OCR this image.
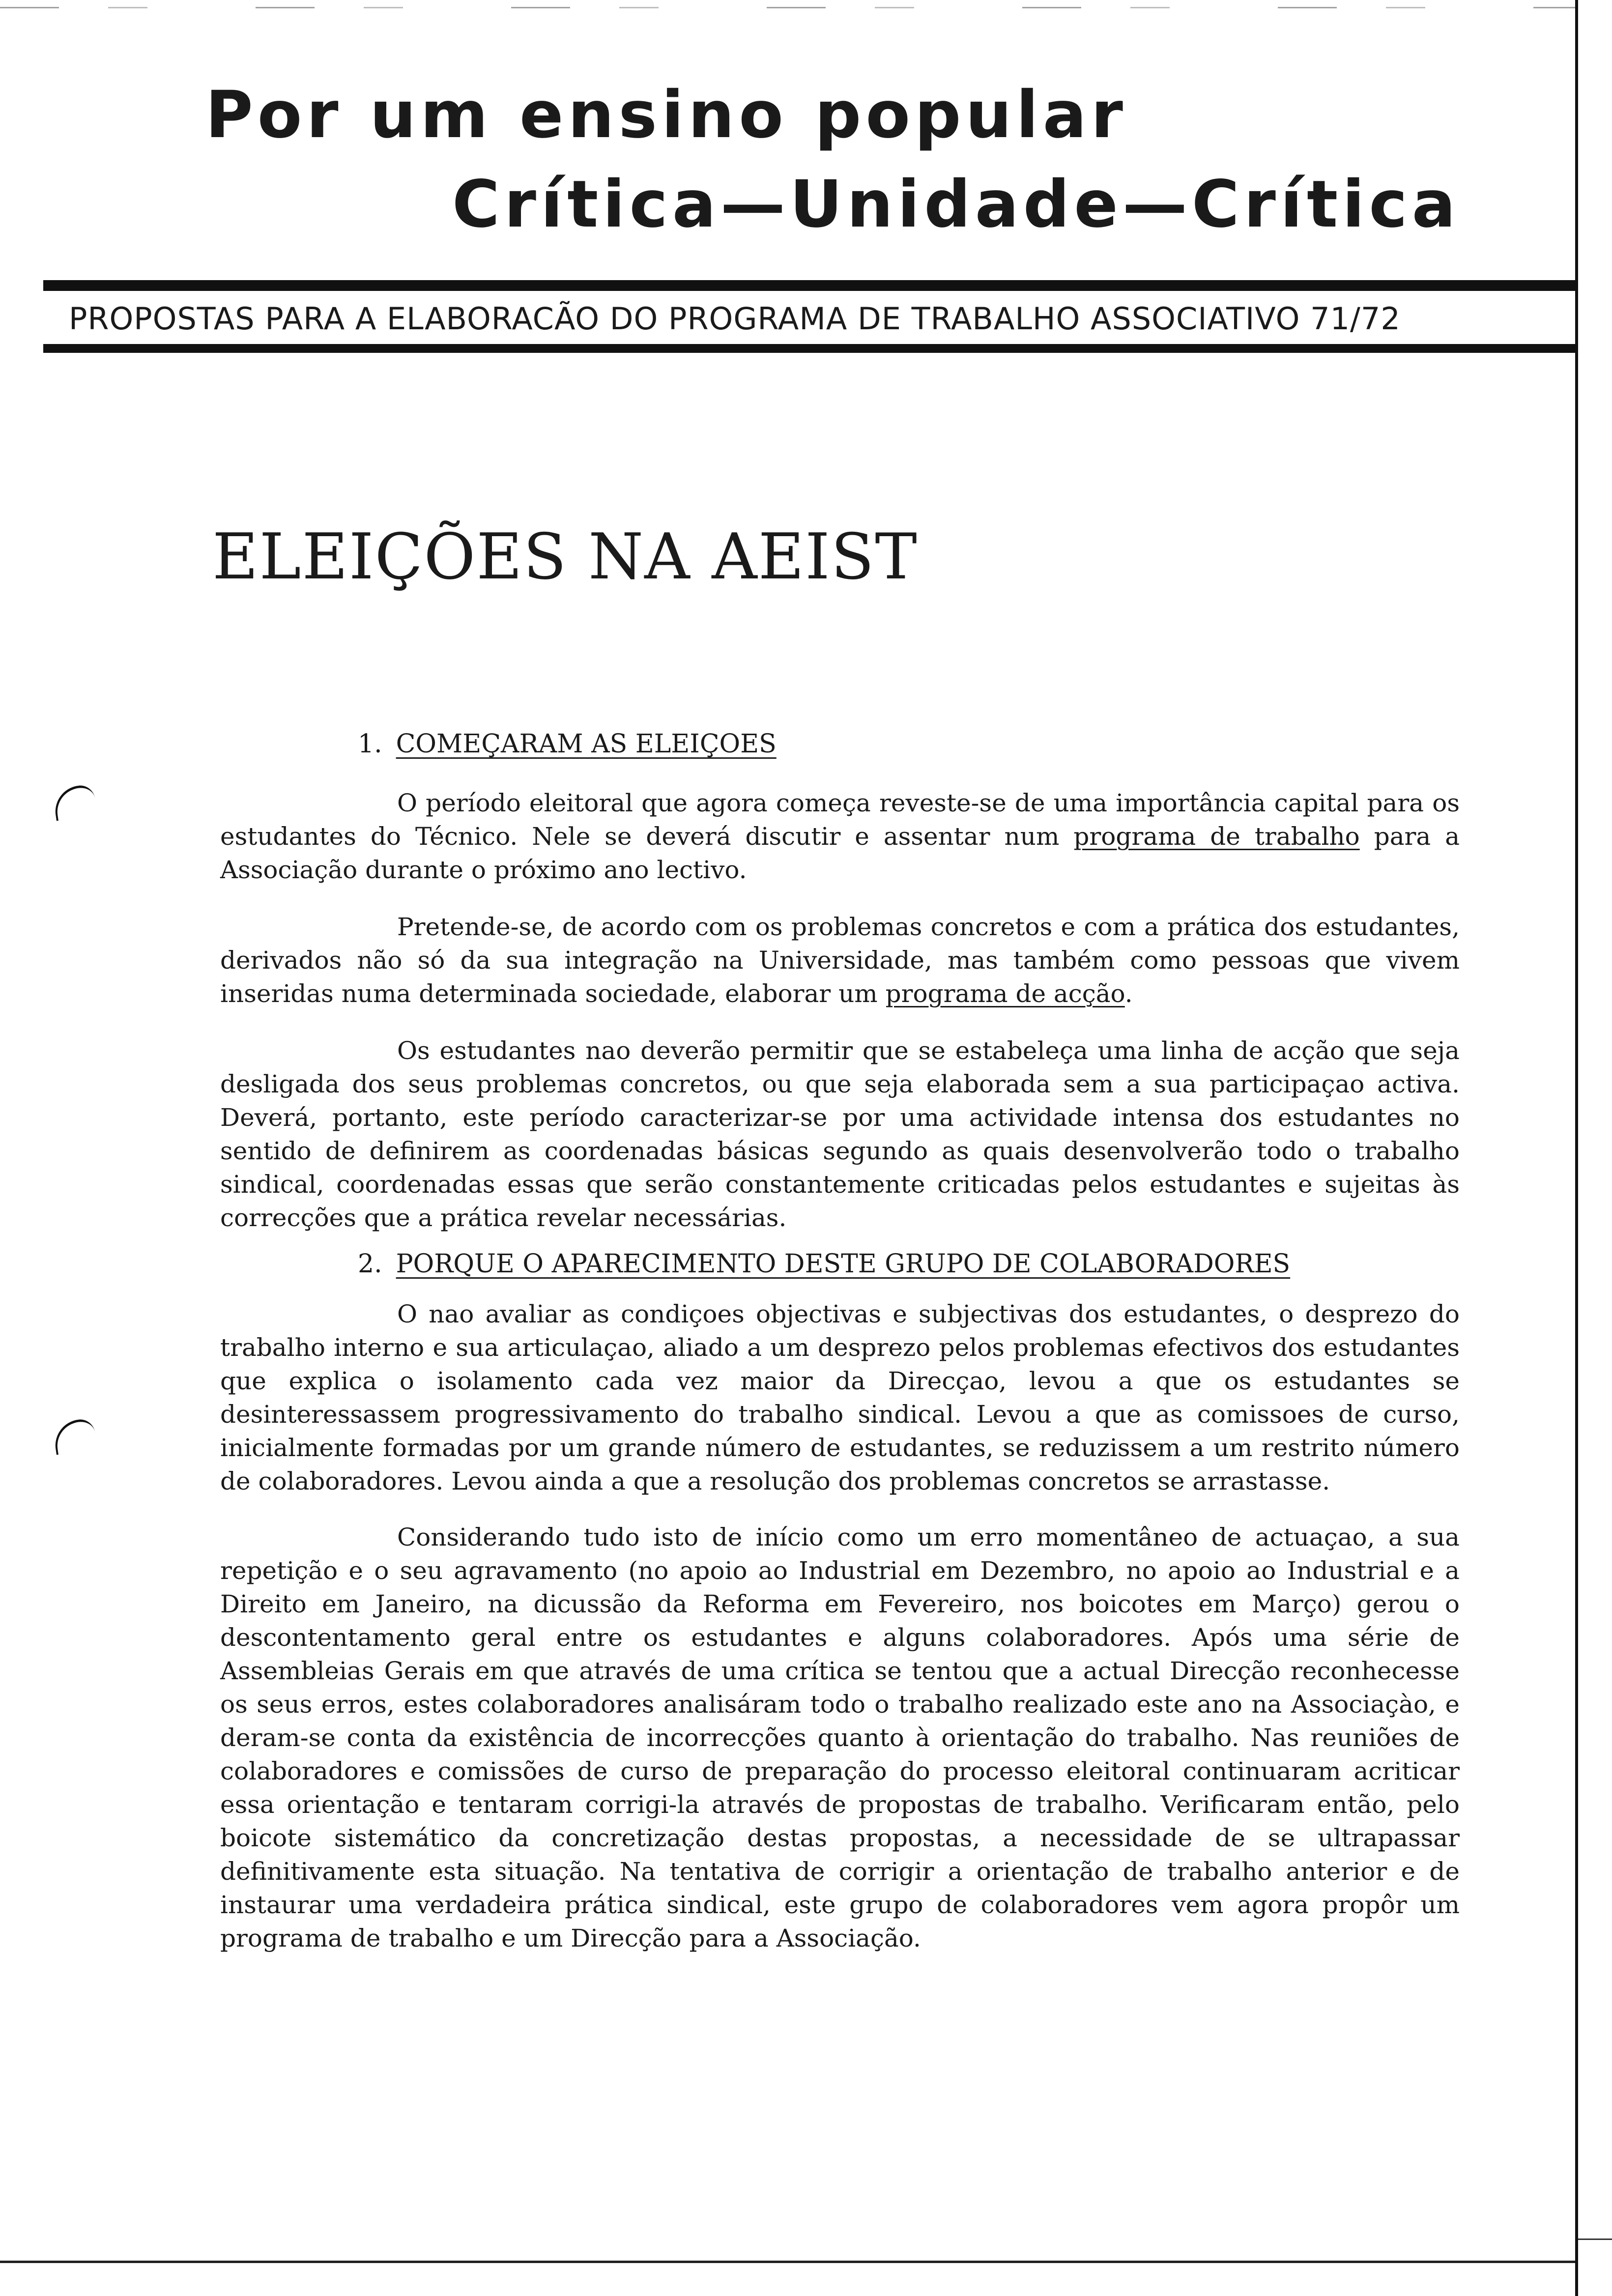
Por um ensino popular
Crítica—Unidade—Crítica
PROPOSTAS PARA A ELABORACÃO DO PROGRAMA DE TRABALHO ASSOCIATIVO 71/72
ELEIÇÕES NA AEIST
1. COMEÇARAM AS ELEIÇOES

O período eleitoral que agora começa reveste-se de uma importância capital para os estudantes do Técnico. Nele se deverá discutir e assentar num programa de trabalho para a Associação durante o próximo ano lectivo.

Pretende-se, de acordo com os problemas concretos e com a prática dos estudantes, derivados não só da sua integração na Universidade, mas também como pessoas que vivem inseridas numa determinada sociedade, elaborar um programa de acção.

Os estudantes nao deverão permitir que se estabeleça uma linha de acção que seja desligada dos seus problemas concretos, ou que seja elaborada sem a sua participaçao activa. Deverá, portanto, este período caracterizar-se por uma actividade intensa dos estudantes no sentido de definirem as coordenadas básicas segundo as quais desenvolverão todo o trabalho sindical, coordenadas essas que serão constantemente criticadas pelos estudantes e sujeitas às correcções que a prática revelar necessárias.

2. PORQUE O APARECIMENTO DESTE GRUPO DE COLABORADORES

O nao avaliar as condiçoes objectivas e subjectivas dos estudantes, o desprezo do trabalho interno e sua articulaçao, aliado a um desprezo pelos problemas efectivos dos estudantes que explica o isolamento cada vez maior da Direcçao, levou a que os estudantes se desinteressassem progressivamento do trabalho sindical. Levou a que as comissoes de curso, inicialmente formadas por um grande número de estudantes, se reduzissem a um restrito número de colaboradores. Levou ainda a que a resolução dos problemas concretos se arrastasse.

Considerando tudo isto de início como um erro momentâneo de actuaçao, a sua repetição e o seu agravamento (no apoio ao Industrial em Dezembro, no apoio ao Industrial e a Direito em Janeiro, na dicussão da Reforma em Fevereiro, nos boicotes em Março) gerou o descontentamento geral entre os estudantes e alguns colaboradores. Após uma série de Assembleias Gerais em que através de uma crítica se tentou que a actual Direcção reconhecesse os seus erros, estes colaboradores analisáram todo o trabalho realizado este ano na Associaçào, e deram-se conta da existência de incorrecções quanto à orientação do trabalho. Nas reuniões de colaboradores e comissões de curso de preparação do processo eleitoral continuaram acriticar essa orientação e tentaram corrigi-la através de propostas de trabalho. Verificaram então, pelo boicote sistemático da concretização destas propostas, a necessidade de se ultrapassar definitivamente esta situação. Na tentativa de corrigir a orientação de trabalho anterior e de instaurar uma verdadeira prática sindical, este grupo de colaboradores vem agora propôr um programa de trabalho e um Direcção para a Associação.
